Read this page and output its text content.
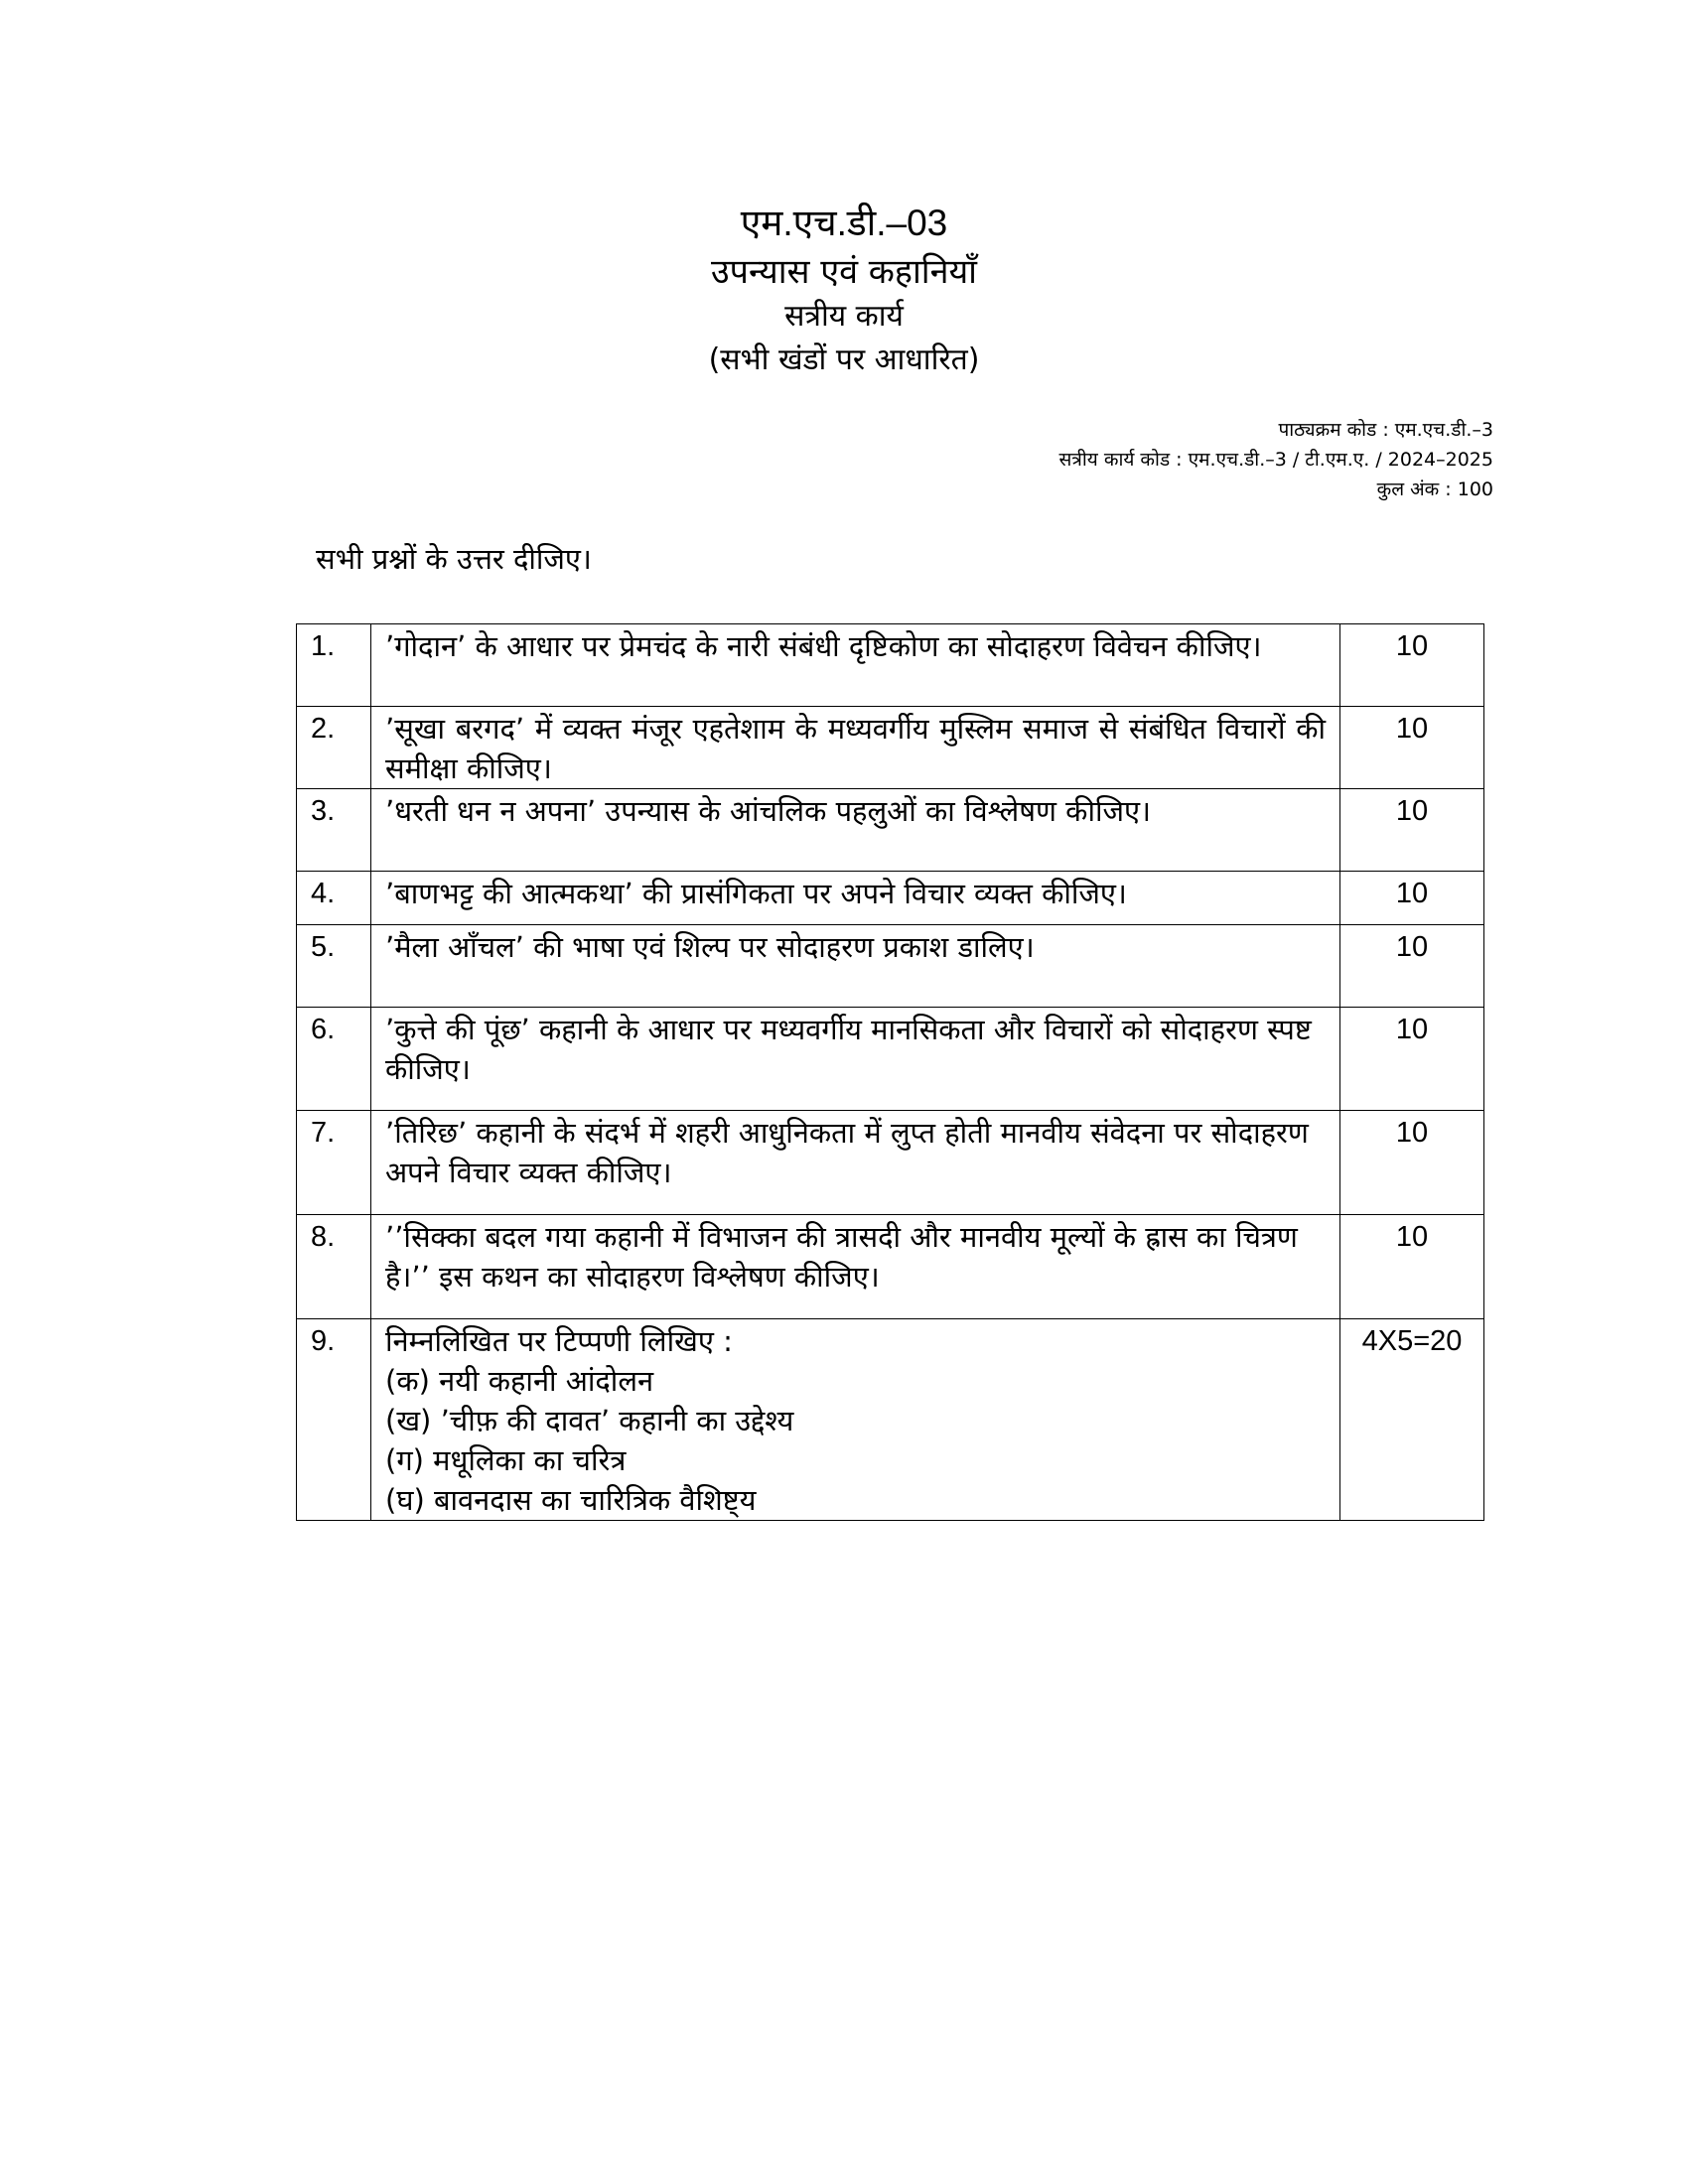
एम.एच.डी.–03
उपन्यास एवं कहानियाँ
सत्रीय कार्य
(सभी खंडों पर आधारित)
पाठ्यक्रम कोड : एम.एच.डी.–3
सत्रीय कार्य कोड : एम.एच.डी.–3 / टी.एम.ए. / 2024–2025
कुल अंक : 100
सभी प्रश्नों के उत्तर दीजिए।
1.	’गोदान’ के आधार पर प्रेमचंद के नारी संबंधी दृष्टिकोण का सोदाहरण विवेचन कीजिए।	10
2.	’सूखा बरगद’ में व्यक्त मंजूर एहतेशाम के मध्यवर्गीय मुस्लिम समाज से संबंधित विचारों की समीक्षा कीजिए।	10
3.	’धरती धन न अपना’ उपन्यास के आंचलिक पहलुओं का विश्लेषण कीजिए।	10
4.	’बाणभट्ट की आत्मकथा’ की प्रासंगिकता पर अपने विचार व्यक्त कीजिए।	10
5.	’मैला आँचल’ की भाषा एवं शिल्प पर सोदाहरण प्रकाश डालिए।	10
6.	’कुत्ते की पूंछ’ कहानी के आधार पर मध्यवर्गीय मानसिकता और विचारों को सोदाहरण स्पष्ट कीजिए।	10
7.	’तिरिछ’ कहानी के संदर्भ में शहरी आधुनिकता में लुप्त होती मानवीय संवेदना पर सोदाहरण अपने विचार व्यक्त कीजिए।	10
8.	’’सिक्का बदल गया कहानी में विभाजन की त्रासदी और मानवीय मूल्यों के ह्रास का चित्रण है।’’ इस कथन का सोदाहरण विश्लेषण कीजिए।	10
9.	निम्नलिखित पर टिप्पणी लिखिए :
(क) नयी कहानी आंदोलन
(ख) ’चीफ़ की दावत’ कहानी का उद्देश्य
(ग) मधूलिका का चरित्र
(घ) बावनदास का चारित्रिक वैशिष्ट्य	4X5=20
